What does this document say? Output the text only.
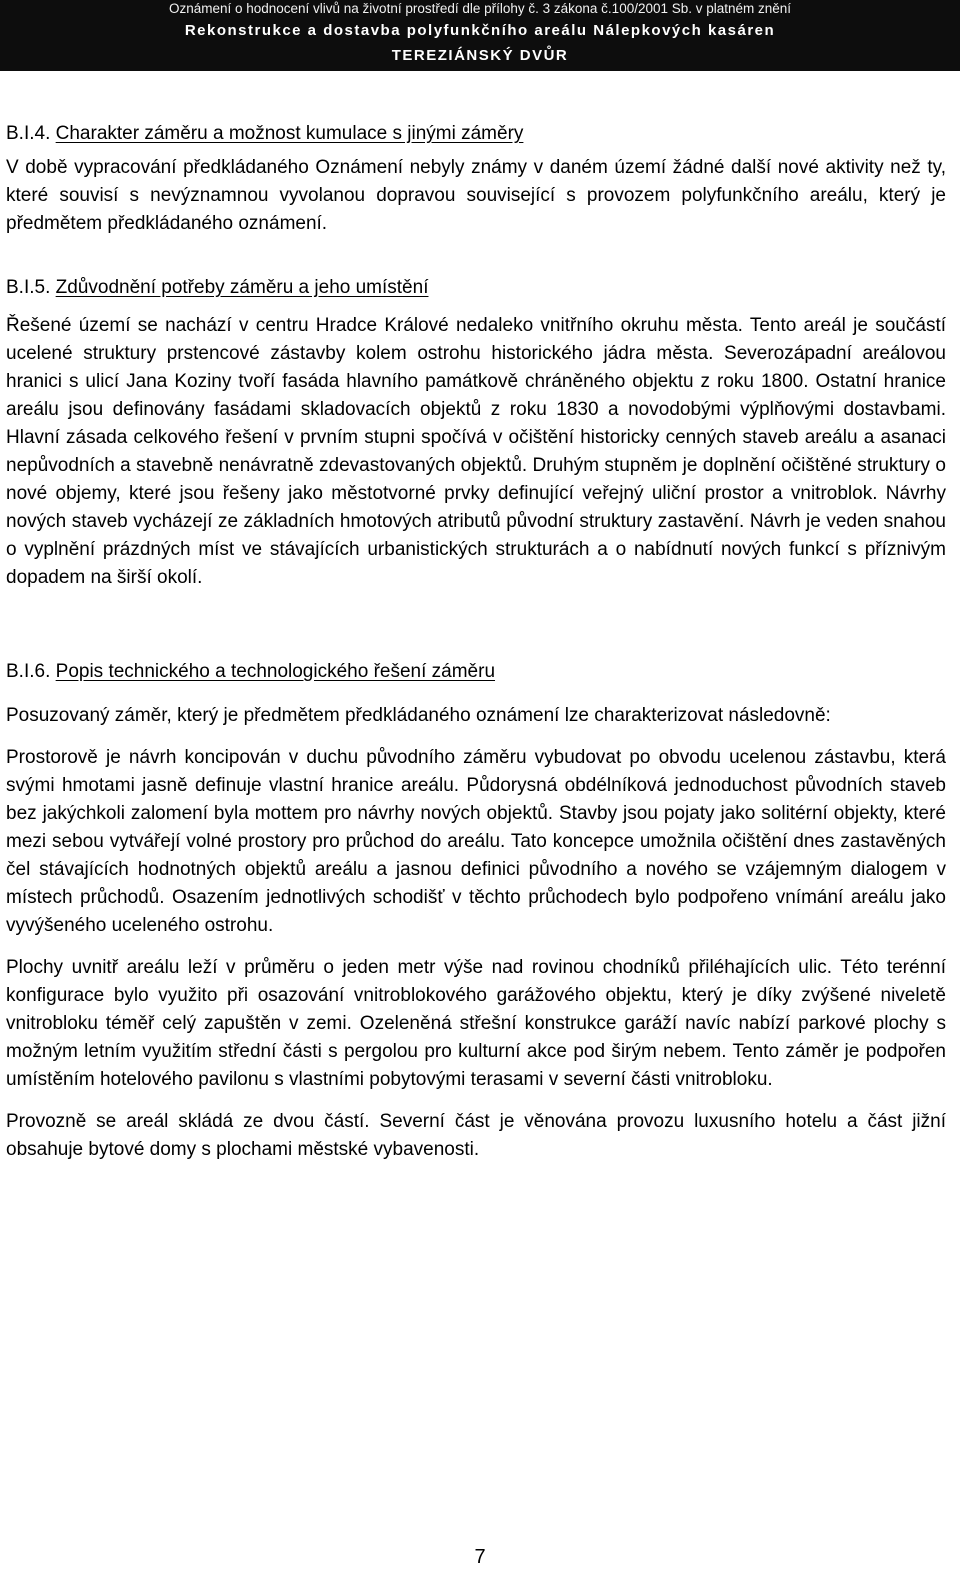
Oznámení o hodnocení vlivů na životní prostředí dle přílohy č. 3 zákona č.100/2001 Sb. v platném znění
Rekonstrukce a dostavba polyfunkčního areálu Nálepkových kasáren
TEREZIÁNSKÝ DVŮR
B.I.4. Charakter záměru a možnost kumulace s jinými záměry

V době vypracování předkládaného Oznámení nebyly známy v daném území žádné další nové aktivity než ty, které souvisí s nevýznamnou vyvolanou dopravou související s provozem polyfunkčního areálu, který je předmětem předkládaného oznámení.

B.I.5. Zdůvodnění potřeby záměru a jeho umístění

Řešené území se nachází v centru Hradce Králové nedaleko vnitřního okruhu města. Tento areál je součástí ucelené struktury prstencové zástavby kolem ostrohu historického jádra města. Severozápadní areálovou hranici s ulicí Jana Koziny tvoří fasáda hlavního památkově chráněného objektu z roku 1800. Ostatní hranice areálu jsou definovány fasádami skladovacích objektů z roku 1830 a novodobými výplňovými dostavbami. Hlavní zásada celkového řešení v prvním stupni spočívá v očištění historicky cenných staveb areálu a asanaci nepůvodních a stavebně nenávratně zdevastovaných objektů. Druhým stupněm je doplnění očištěné struktury o nové objemy, které jsou řešeny jako městotvorné prvky definující veřejný uliční prostor a vnitroblok. Návrhy nových staveb vycházejí ze základních hmotových atributů původní struktury zastavění. Návrh je veden snahou o vyplnění prázdných míst ve stávajících urbanistických strukturách a o nabídnutí nových funkcí s příznivým dopadem na širší okolí.

B.I.6. Popis technického a technologického řešení záměru

Posuzovaný záměr, který je předmětem předkládaného oznámení lze charakterizovat následovně:

Prostorově je návrh koncipován v duchu původního záměru vybudovat po obvodu ucelenou zástavbu, která svými hmotami jasně definuje vlastní hranice areálu. Půdorysná obdélníková jednoduchost původních staveb bez jakýchkoli zalomení byla mottem pro návrhy nových objektů. Stavby jsou pojaty jako solitérní objekty, které mezi sebou vytvářejí volné prostory pro průchod do areálu. Tato koncepce umožnila očištění dnes zastavěných čel stávajících hodnotných objektů areálu a jasnou definici původního a nového se vzájemným dialogem v místech průchodů. Osazením jednotlivých schodišť v těchto průchodech bylo podpořeno vnímání areálu jako vyvýšeného uceleného ostrohu.

Plochy uvnitř areálu leží v průměru o jeden metr výše nad rovinou chodníků přiléhajících ulic. Této terénní konfigurace bylo využito při osazování vnitroblokového garážového objektu, který je díky zvýšené niveletě vnitrobloku téměř celý zapuštěn v zemi. Ozeleněná střešní konstrukce garáží navíc nabízí parkové plochy s možným letním využitím střední části s pergolou pro kulturní akce pod širým nebem. Tento záměr je podpořen umístěním hotelového pavilonu s vlastními pobytovými terasami v severní části vnitrobloku.

Provozně se areál skládá ze dvou částí. Severní část je věnována provozu luxusního hotelu a část jižní obsahuje bytové domy s plochami městské vybavenosti.

7
